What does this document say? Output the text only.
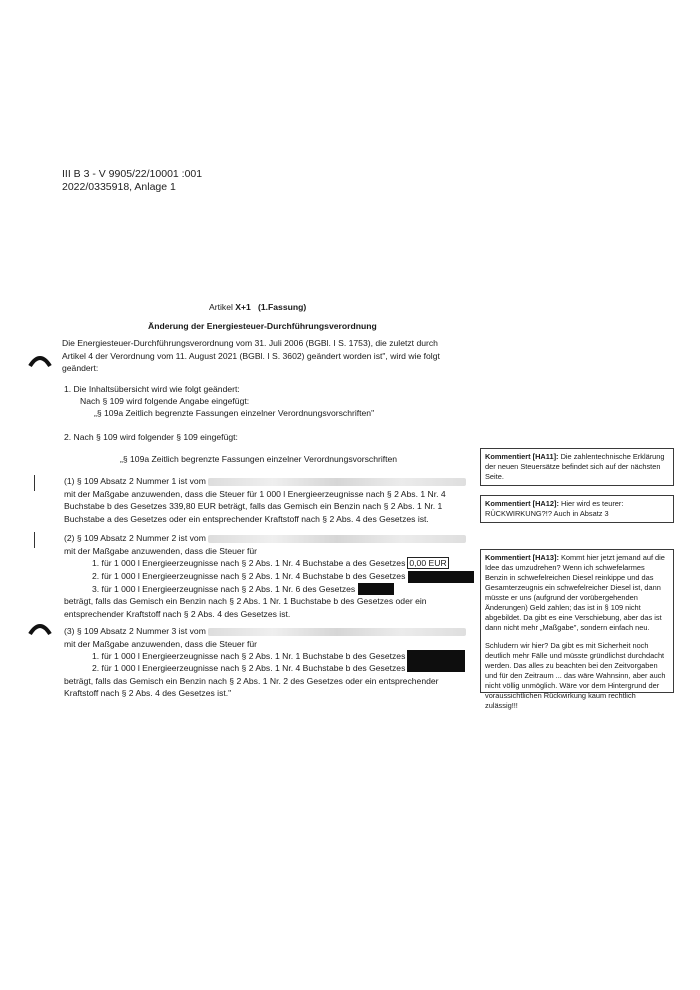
III B 3 - V 9905/22/10001 :001
2022/0335918, Anlage 1
Artikel X+1 (1.Fassung)
Änderung der Energiesteuer-Durchführungsverordnung
Die Energiesteuer-Durchführungsverordnung vom 31. Juli 2006 (BGBl. I S. 1753), die zuletzt durch
Artikel 4 der Verordnung vom 11. August 2021 (BGBl. I S. 3602) geändert worden ist", wird wie folgt
geändert:
1. Die Inhaltsübersicht wird wie folgt geändert:
Nach § 109 wird folgende Angabe eingefügt:
„§ 109a Zeitlich begrenzte Fassungen einzelner Verordnungsvorschriften"
2. Nach § 109 wird folgender § 109 eingefügt:
„§ 109a Zeitlich begrenzte Fassungen einzelner Verordnungsvorschriften
(1) § 109 Absatz 2 Nummer 1 ist vom
mit der Maßgabe anzuwenden, dass die Steuer für 1 000 l Energieerzeugnisse nach § 2 Abs. 1 Nr. 4
Buchstabe b des Gesetzes 339,80 EUR beträgt, falls das Gemisch ein Benzin nach § 2 Abs. 1 Nr. 1
Buchstabe a des Gesetzes oder ein entsprechender Kraftstoff nach § 2 Abs. 4 des Gesetzes ist.
(2) § 109 Absatz 2 Nummer 2 ist vom
mit der Maßgabe anzuwenden, dass die Steuer für
1. für 1 000 l Energieerzeugnisse nach § 2 Abs. 1 Nr. 4 Buchstabe a des Gesetzes 0,00 EUR
2. für 1 000 l Energieerzeugnisse nach § 2 Abs. 1 Nr. 4 Buchstabe b des Gesetzes
3. für 1 000 l Energieerzeugnisse nach § 2 Abs. 1 Nr. 6 des Gesetzes
beträgt, falls das Gemisch ein Benzin nach § 2 Abs. 1 Nr. 1 Buchstabe b des Gesetzes oder ein
entsprechender Kraftstoff nach § 2 Abs. 4 des Gesetzes ist.
(3) § 109 Absatz 2 Nummer 3 ist vom
mit der Maßgabe anzuwenden, dass die Steuer für
1. für 1 000 l Energieerzeugnisse nach § 2 Abs. 1 Nr. 1 Buchstabe b des Gesetzes
2. für 1 000 l Energieerzeugnisse nach § 2 Abs. 1 Nr. 4 Buchstabe b des Gesetzes
beträgt, falls das Gemisch ein Benzin nach § 2 Abs. 1 Nr. 2 des Gesetzes oder ein entsprechender
Kraftstoff nach § 2 Abs. 4 des Gesetzes ist."
Kommentiert [HA11]: Die zahlentechnische Erklärung der neuen Steuersätze befindet sich auf der nächsten Seite.
Kommentiert [HA12]: Hier wird es teurer: RÜCKWIRKUNG?!? Auch in Absatz 3
Kommentiert [HA13]: Kommt hier jetzt jemand auf die Idee das umzudrehen? Wenn ich schwefelarmes Benzin in schwefelreichen Diesel reinkippe und das Gesamterzeugnis ein schwefelreicher Diesel ist, dann müsste er uns (aufgrund der vorübergehenden Änderungen) Geld zahlen; das ist in § 109 nicht abgebildet. Da gibt es eine Verschiebung, aber das ist dann nicht mehr „Maßgabe", sondern einfach neu.
Schludern wir hier? Da gibt es mit Sicherheit noch deutlich mehr Fälle und müsste gründlichst durchdacht werden. Das alles zu beachten bei den Zeitvorgaben und für den Zeitraum ... das wäre Wahnsinn, aber auch nicht völlig unmöglich. Wäre vor dem Hintergrund der voraussichtlichen Rückwirkung kaum rechtlich zulässig!!!
